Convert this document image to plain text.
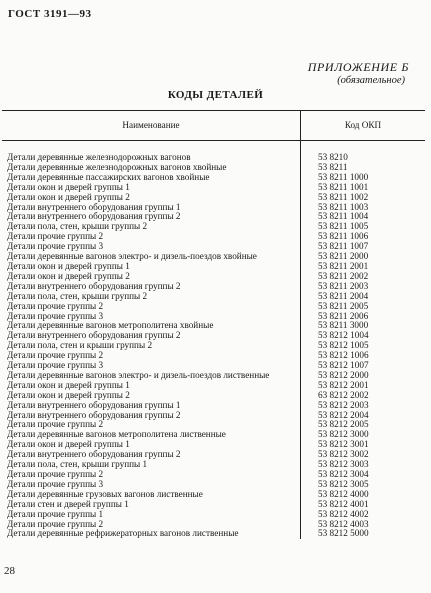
ГОСТ 3191—93
ПРИЛОЖЕНИЕ Б
(обязательное)
КОДЫ ДЕТАЛЕЙ
Наименование	Код ОКП

Детали деревянные железнодорожных вагонов	53 8210
Детали деревянные железнодорожных вагонов хвойные	53 8211
Детали деревянные пассажирских вагонов хвойные	53 8211 1000
Детали окон и дверей группы 1	53 8211 1001
Детали окон и дверей группы 2	53 8211 1002
Детали внутреннего оборудования группы 1	53 8211 1003
Детали внутреннего оборудования группы 2	53 8211 1004
Детали пола, стен, крыши группы 2	53 8211 1005
Детали прочие группы 2	53 8211 1006
Детали прочие группы 3	53 8211 1007
Детали деревянные вагонов электро- и дизель-поездов хвойные	53 8211 2000
Детали окон и дверей группы 1	53 8211 2001
Детали окон и дверей группы 2	53 8211 2002
Детали внутреннего оборудования группы 2	53 8211 2003
Детали пола, стен, крыши группы 2	53 8211 2004
Детали прочие группы 2	53 8211 2005
Детали прочие группы 3	53 8211 2006
Детали деревянные вагонов метрополитена хвойные	53 8211 3000
Детали внутреннего оборудования группы 2	53 8212 1004
Детали пола, стен и крыши группы 2	53 8212 1005
Детали прочие группы 2	53 8212 1006
Детали прочие группы 3	53 8212 1007
Детали деревянные вагонов электро- и дизель-поездов лиственные	53 8212 2000
Детали окон и дверей группы 1	53 8212 2001
Детали окон и дверей группы 2	63 8212 2002
Детали внутреннего оборудования группы 1	53 8212 2003
Детали внутреннего оборудования группы 2	53 8212 2004
Детали прочие группы 2	53 8212 2005
Детали деревянные вагонов метрополитена лиственные	53 8212 3000
Детали окон и дверей группы 1	53 8212 3001
Детали внутреннего оборудования группы 2	53 8212 3002
Детали пола, стен, крыши группы 1	53 8212 3003
Детали прочие группы 2	53 8212 3004
Детали прочие группы 3	53 8212 3005
Детали деревянные грузовых вагонов лиственные	53 8212 4000
Детали стен и дверей группы 1	53 8212 4001
Детали прочие группы 1	53 8212 4002
Детали прочие группы 2	53 8212 4003
Детали деревянные рефрижераторных вагонов лиственные	53 8212 5000
28
